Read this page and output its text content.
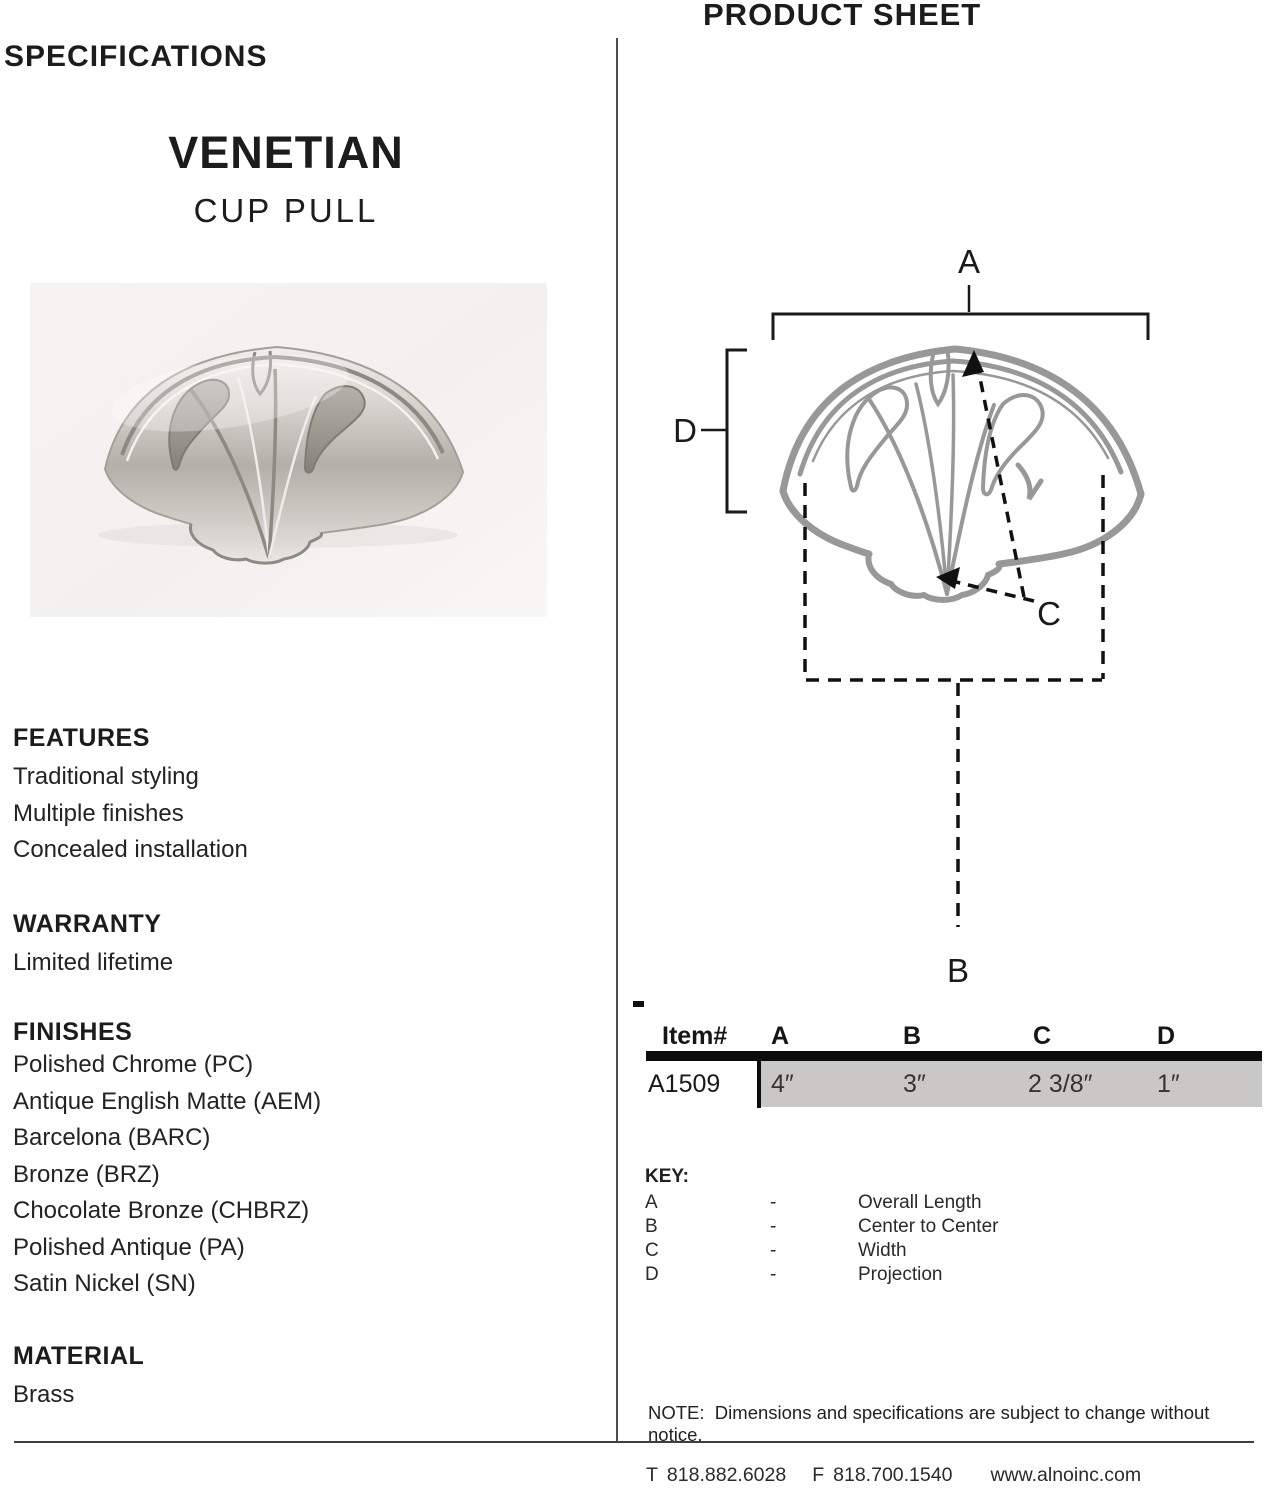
SPECIFICATIONS
VENETIAN
CUP PULL
FEATURES
Traditional styling
Multiple finishes
Concealed installation
WARRANTY
Limited lifetime
FINISHES
Polished Chrome (PC)
Antique English Matte (AEM)
Barcelona (BARC)
Bronze (BRZ)
Chocolate Bronze (CHBRZ)
Polished Antique (PA)
Satin Nickel (SN)
MATERIAL
Brass
PRODUCT SHEET
A
D
B
C
Item# A	B	C	D
A1509 4″	3″	2 3/8″	1″
KEY:
A	-	Overall Length
B	-	Center to Center
C	-	Width
D	-	Projection
NOTE:  Dimensions and specifications are subject to change without notice.
T 818.882.6028 F 818.700.1540 www.alnoinc.com
